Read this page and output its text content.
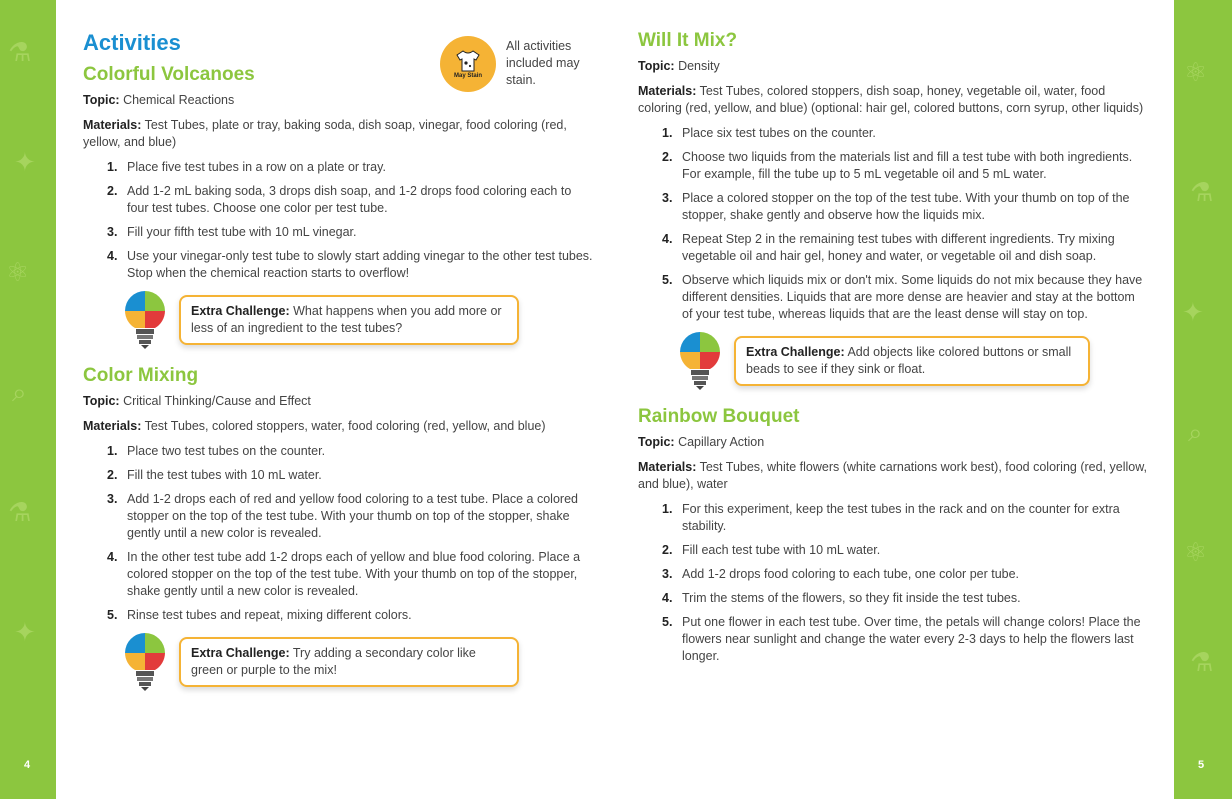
⚗
✦
⚛
⌕
⚗
✦
4
⚛
⚗
✦
⌕
⚛
⚗
5
May Stain
All activities included may stain.
Activities
Colorful Volcanoes
Topic: Chemical Reactions
Materials: Test Tubes, plate or tray, baking soda, dish soap, vinegar, food coloring (red, yellow, and blue)
1. Place five test tubes in a row on a plate or tray.
2. Add 1-2 mL baking soda, 3 drops dish soap, and 1-2 drops food coloring each to four test tubes. Choose one color per test tube.
3. Fill your fifth test tube with 10 mL vinegar.
4. Use your vinegar-only test tube to slowly start adding vinegar to the other test tubes. Stop when the chemical reaction starts to overflow!
Extra Challenge: What happens when you add more or less of an ingredient to the test tubes?
Color Mixing
Topic: Critical Thinking/Cause and Effect
Materials: Test Tubes, colored stoppers, water, food coloring (red, yellow, and blue)
1. Place two test tubes on the counter.
2. Fill the test tubes with 10 mL water.
3. Add 1-2 drops each of red and yellow food coloring to a test tube. Place a colored stopper on the top of the test tube. With your thumb on top of the stopper, shake gently until a new color is revealed.
4. In the other test tube add 1-2 drops each of yellow and blue food coloring. Place a colored stopper on the top of the test tube. With your thumb on top of the stopper, shake gently until a new color is revealed.
5. Rinse test tubes and repeat, mixing different colors.
Extra Challenge: Try adding a secondary color like green or purple to the mix!
Will It Mix?
Topic: Density
Materials: Test Tubes, colored stoppers, dish soap, honey, vegetable oil, water, food coloring (red, yellow, and blue) (optional: hair gel, colored buttons, corn syrup, other liquids)
1. Place six test tubes on the counter.
2. Choose two liquids from the materials list and fill a test tube with both ingredients. For example, fill the tube up to 5 mL vegetable oil and 5 mL water.
3. Place a colored stopper on the top of the test tube. With your thumb on top of the stopper, shake gently and observe how the liquids mix.
4. Repeat Step 2 in the remaining test tubes with different ingredients. Try mixing vegetable oil and hair gel, honey and water, or vegetable oil and dish soap.
5. Observe which liquids mix or don't mix. Some liquids do not mix because they have different densities. Liquids that are more dense are heavier and stay at the bottom of your test tube, whereas liquids that are the least dense will stay on top.
Extra Challenge: Add objects like colored buttons or small beads to see if they sink or float.
Rainbow Bouquet
Topic: Capillary Action
Materials: Test Tubes, white flowers (white carnations work best), food coloring (red, yellow, and blue), water
1. For this experiment, keep the test tubes in the rack and on the counter for extra stability.
2. Fill each test tube with 10 mL water.
3. Add 1-2 drops food coloring to each tube, one color per tube.
4. Trim the stems of the flowers, so they fit inside the test tubes.
5. Put one flower in each test tube. Over time, the petals will change colors! Place the flowers near sunlight and change the water every 2-3 days to help the flowers last longer.
